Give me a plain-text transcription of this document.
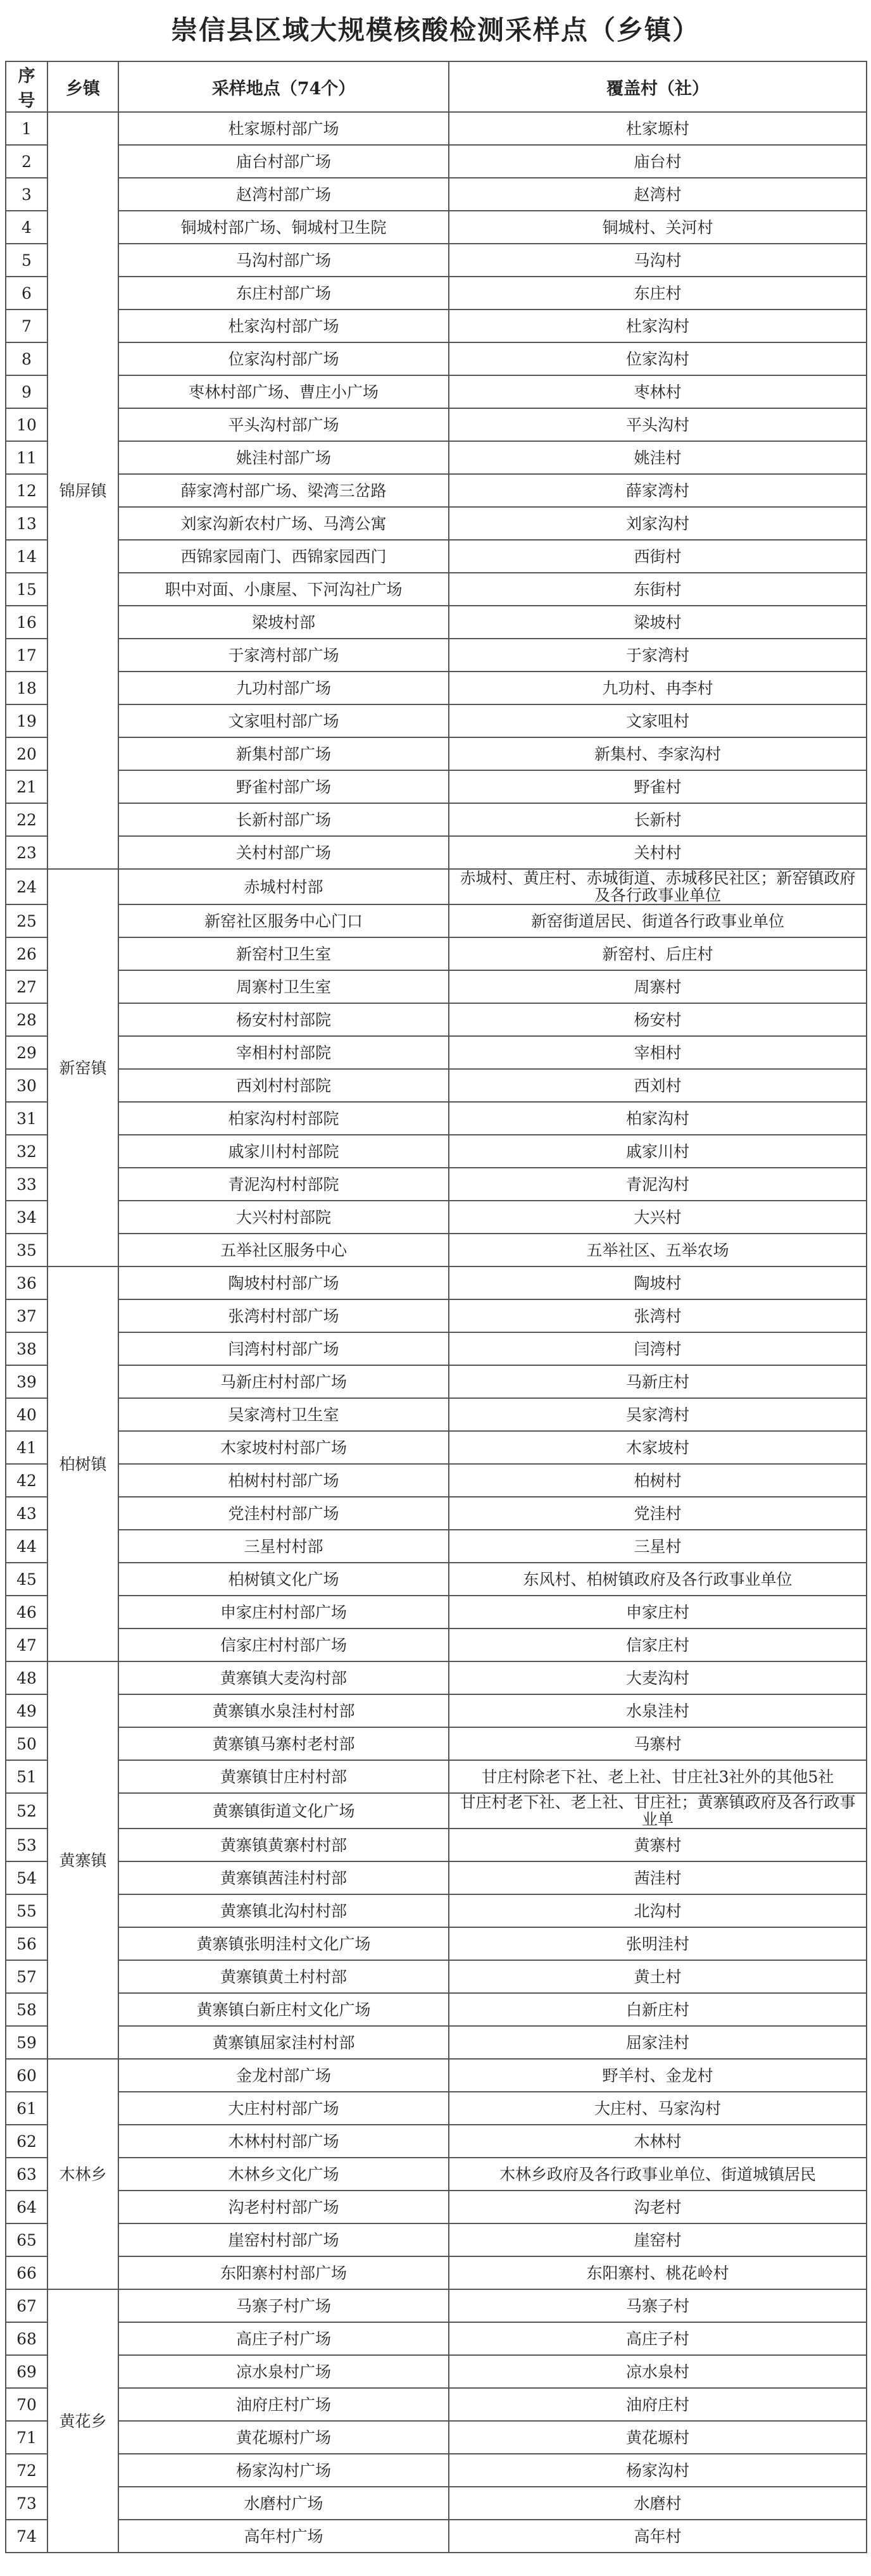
崇信县区域大规模核酸检测采样点（乡镇）
序号	乡镇	采样地点（74个）	覆盖村（社）
1	锦屏镇	杜家塬村部广场	杜家塬村
2		庙台村部广场	庙台村
3		赵湾村部广场	赵湾村
4		铜城村部广场、铜城村卫生院	铜城村、关河村
5		马沟村部广场	马沟村
6		东庄村部广场	东庄村
7		杜家沟村部广场	杜家沟村
8		位家沟村部广场	位家沟村
9		枣林村部广场、曹庄小广场	枣林村
10		平头沟村部广场	平头沟村
11		姚洼村部广场	姚洼村
12		薛家湾村部广场、梁湾三岔路	薛家湾村
13		刘家沟新农村广场、马湾公寓	刘家沟村
14		西锦家园南门、西锦家园西门	西街村
15		职中对面、小康屋、下河沟社广场	东街村
16		梁坡村部	梁坡村
17		于家湾村部广场	于家湾村
18		九功村部广场	九功村、冉李村
19		文家咀村部广场	文家咀村
20		新集村部广场	新集村、李家沟村
21		野雀村部广场	野雀村
22		长新村部广场	长新村
23		关村村部广场	关村村
24	新窑镇	赤城村村部	赤城村、黄庄村、赤城街道、赤城移民社区；新窑镇政府及各行政事业单位
25		新窑社区服务中心门口	新窑街道居民、街道各行政事业单位
26		新窑村卫生室	新窑村、后庄村
27		周寨村卫生室	周寨村
28		杨安村村部院	杨安村
29		宰相村村部院	宰相村
30		西刘村村部院	西刘村
31		柏家沟村村部院	柏家沟村
32		戚家川村村部院	戚家川村
33		青泥沟村村部院	青泥沟村
34		大兴村村部院	大兴村
35		五举社区服务中心	五举社区、五举农场
36	柏树镇	陶坡村村部广场	陶坡村
37		张湾村村部广场	张湾村
38		闫湾村村部广场	闫湾村
39		马新庄村村部广场	马新庄村
40		吴家湾村卫生室	吴家湾村
41		木家坡村村部广场	木家坡村
42		柏树村村部广场	柏树村
43		党洼村村部广场	党洼村
44		三星村村部	三星村
45		柏树镇文化广场	东风村、柏树镇政府及各行政事业单位
46		申家庄村村部广场	申家庄村
47		信家庄村村部广场	信家庄村
48	黄寨镇	黄寨镇大麦沟村部	大麦沟村
49		黄寨镇水泉洼村村部	水泉洼村
50		黄寨镇马寨村老村部	马寨村
51		黄寨镇甘庄村村部	甘庄村除老下社、老上社、甘庄社3社外的其他5社
52		黄寨镇街道文化广场	甘庄村老下社、老上社、甘庄社；黄寨镇政府及各行政事业单
53		黄寨镇黄寨村村部	黄寨村
54		黄寨镇茜洼村村部	茜洼村
55		黄寨镇北沟村村部	北沟村
56		黄寨镇张明洼村文化广场	张明洼村
57		黄寨镇黄土村村部	黄土村
58		黄寨镇白新庄村文化广场	白新庄村
59		黄寨镇屈家洼村村部	屈家洼村
60	木林乡	金龙村部广场	野羊村、金龙村
61		大庄村村部广场	大庄村、马家沟村
62		木林村村部广场	木林村
63		木林乡文化广场	木林乡政府及各行政事业单位、街道城镇居民
64		沟老村村部广场	沟老村
65		崖窑村村部广场	崖窑村
66		东阳寨村村部广场	东阳寨村、桃花岭村
67	黄花乡	马寨子村广场	马寨子村
68		高庄子村广场	高庄子村
69		凉水泉村广场	凉水泉村
70		油府庄村广场	油府庄村
71		黄花塬村广场	黄花塬村
72		杨家沟村广场	杨家沟村
73		水磨村广场	水磨村
74		高年村广场	高年村
